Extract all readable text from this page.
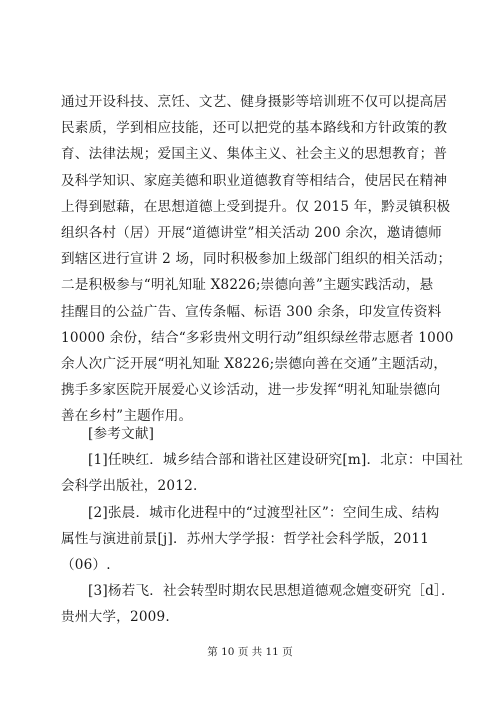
通过开设科技、烹饪、文艺、健身摄影等培训班不仅可以提高居
民素质，学到相应技能，还可以把党的基本路线和方针政策的教
育、法律法规；爱国主义、集体主义、社会主义的思想教育；普
及科学知识、家庭美德和职业道德教育等相结合，使居民在精神
上得到慰藉，在思想道德上受到提升。仅 2015 年，黔灵镇积极
组织各村（居）开展“道德讲堂”相关活动 200 余次，邀请德师
到辖区进行宣讲 2 场，同时积极参加上级部门组织的相关活动；
二是积极参与“明礼知耻 X8226;崇德向善”主题实践活动，悬
挂醒目的公益广告、宣传条幅、标语 300 余条，印发宣传资料
10000 余份，结合“多彩贵州文明行动”组织绿丝带志愿者 1000
余人次广泛开展“明礼知耻 X8226;崇德向善在交通”主题活动，
携手多家医院开展爱心义诊活动，进一步发挥“明礼知耻崇德向
善在乡村”主题作用。
[参考文献]
[1]任映红．城乡结合部和谐社区建设研究[m]．北京：中国社
会科学出版社，2012.
[2]张晨．城市化进程中的“过渡型社区”：空间生成、结构
属性与演进前景[j]．苏州大学学报：哲学社会科学版，2011
（06）.
[3]杨若飞．社会转型时期农民思想道德观念嬗变研究［d］．
贵州大学，2009.
第 10 页 共 11 页
